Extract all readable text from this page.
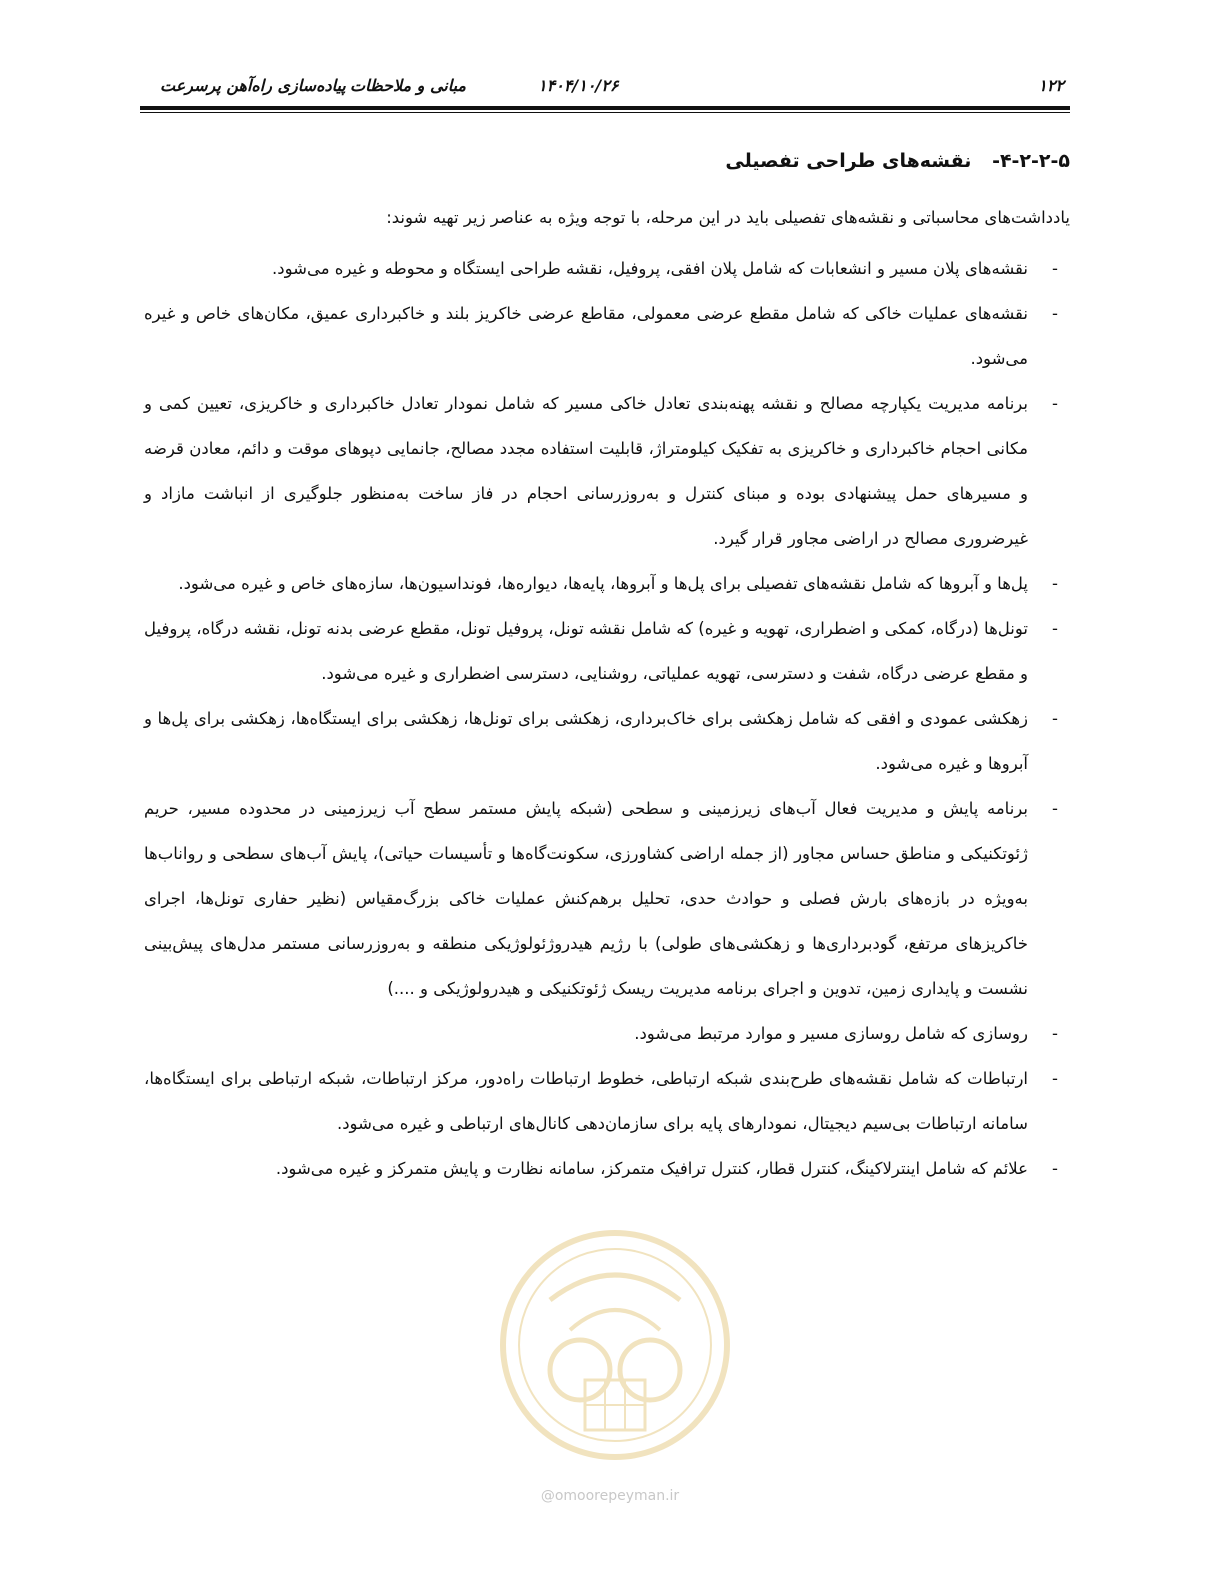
۱۲۲
۱۴۰۴/۱۰/۲۶
مبانی و ملاحظات
پیاده‌سازی راه‌آهن پرسرعت
۴-۲-۲-۵- نقشه‌های طراحی تفصیلی
یادداشت‌های محاسباتی و نقشه‌های تفصیلی باید در این مرحله، با توجه ویژه به عناصر زیر تهیه شوند:
-
نقشه‌های پلان مسیر و انشعابات که شامل پلان افقی، پروفیل، نقشه طراحی ایستگاه و محوطه و غیره می‌شود.
-
نقشه‌های عملیات خاکی که شامل مقطع عرضی معمولی، مقاطع عرضی خاکریز بلند و خاکبرداری عمیق، مکان‌های خاص و غیره می‌شود.
-
برنامه مدیریت یکپارچه مصالح و نقشه پهنه‌بندی تعادل خاکی مسیر که شامل نمودار تعادل خاکبرداری و خاکریزی، تعیین کمی و مکانی احجام خاکبرداری و خاکریزی به تفکیک کیلومتراژ، قابلیت استفاده مجدد مصالح، جانمایی دپوهای موقت و دائم، معادن قرضه و مسیرهای حمل پیشنهادی بوده و مبنای کنترل و به‌روزرسانی احجام در فاز ساخت به‌منظور جلوگیری از انباشت مازاد و غیرضروری مصالح در اراضی مجاور قرار گیرد.
-
پل‌ها و آبروها که شامل نقشه‌های تفصیلی برای پل‌ها و آبروها، پایه‌ها، دیواره‌ها، فونداسیون‌ها، سازه‌های خاص و غیره می‌شود.
-
تونل‌ها (درگاه، کمکی و اضطراری، تهویه و غیره) که شامل نقشه تونل، پروفیل تونل، مقطع عرضی بدنه تونل، نقشه درگاه، پروفیل و مقطع عرضی درگاه، شفت و دسترسی، تهویه عملیاتی، روشنایی، دسترسی اضطراری و غیره می‌شود.
-
زهکشی عمودی و افقی که شامل زهکشی برای خاک‌برداری، زهکشی برای تونل‌ها، زهکشی برای ایستگاه‌ها، زهکشی برای پل‌ها و آبروها و غیره می‌شود.
-
برنامه پایش و مدیریت فعال آب‌های زیرزمینی و سطحی (شبکه پایش مستمر سطح آب زیرزمینی در محدوده مسیر، حریم ژئوتکنیکی و مناطق حساس مجاور (از جمله اراضی کشاورزی، سکونت‌گاه‌ها و تأسیسات حیاتی)، پایش آب‌های سطحی و رواناب‌ها به‌ویژه در بازه‌های بارش فصلی و حوادث حدی، تحلیل برهم‌کنش عملیات خاکی بزرگ‌مقیاس (نظیر حفاری تونل‌ها، اجرای خاکریزهای مرتفع، گودبرداری‌ها و زهکشی‌های طولی) با رژیم هیدروژئولوژیکی منطقه و به‌روزرسانی مستمر مدل‌های پیش‌بینی نشست و پایداری زمین، تدوین و اجرای برنامه مدیریت ریسک ژئوتکنیکی و هیدرولوژیکی و ....)
-
روسازی که شامل روسازی مسیر و موارد مرتبط می‌شود.
-
ارتباطات که شامل نقشه‌های طرح‌بندی شبکه ارتباطی، خطوط ارتباطات راه‌دور، مرکز ارتباطات، شبکه ارتباطی برای ایستگاه‌ها، سامانه ارتباطات بی‌سیم دیجیتال، نمودارهای پایه برای سازمان‌دهی کانال‌های ارتباطی و غیره می‌شود.
-
علائم که شامل اینترلاکینگ، کنترل قطار، کنترل ترافیک متمرکز، سامانه نظارت و پایش متمرکز و غیره می‌شود.
@omoorepeyman.ir
